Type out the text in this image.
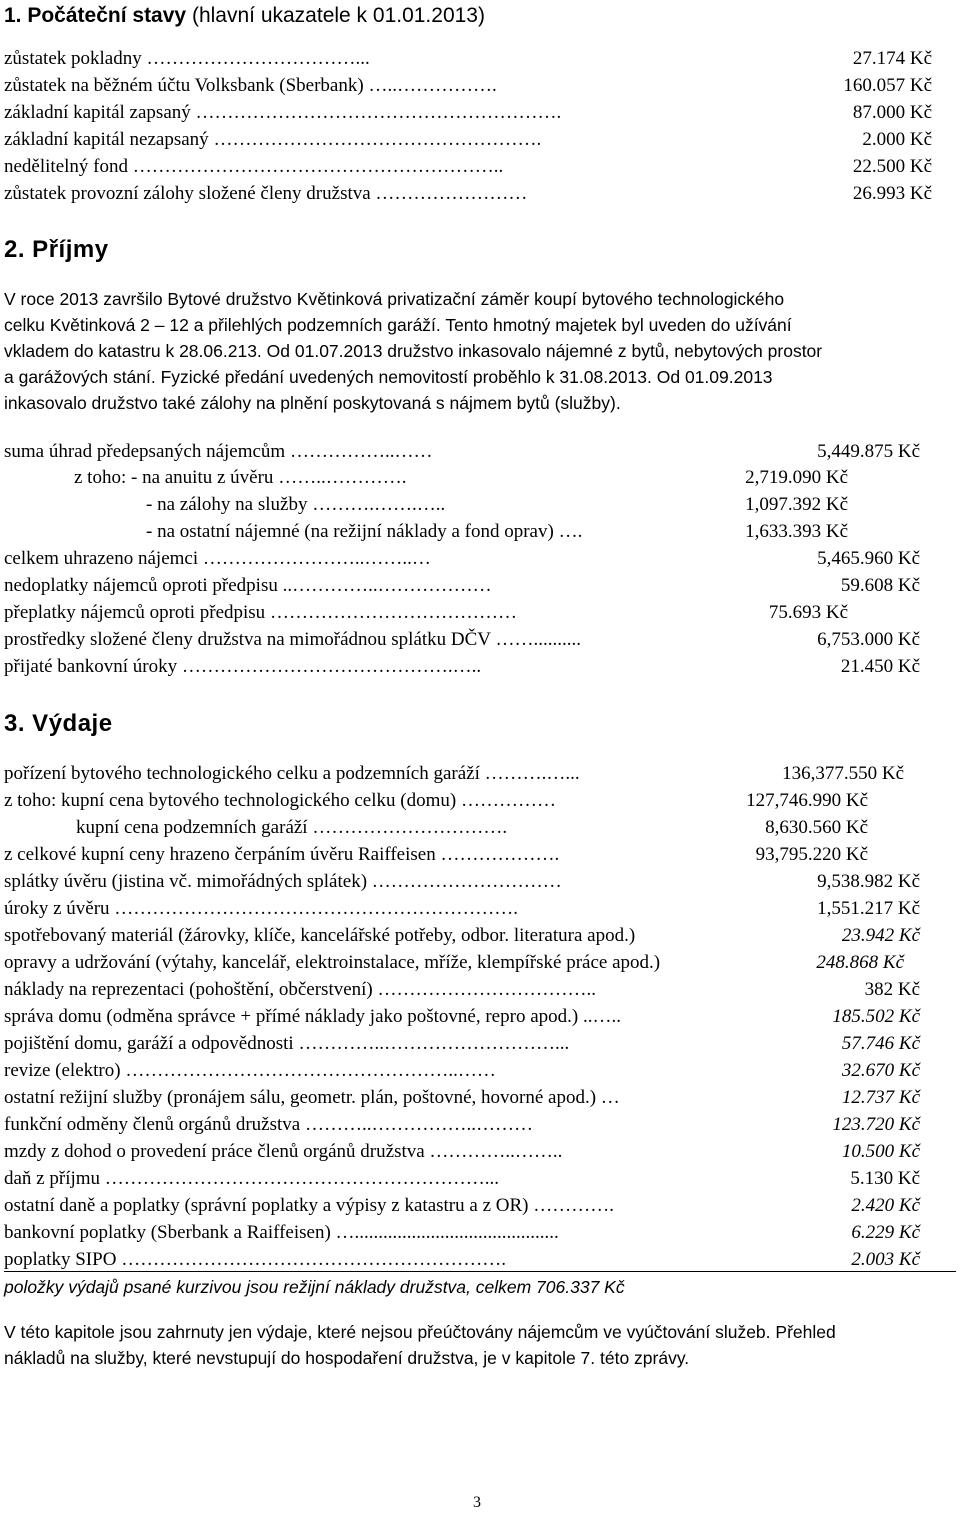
1. Počáteční stavy (hlavní ukazatele k 01.01.2013)
zůstatek pokladny ……………………………...	27.174 Kč
zůstatek na běžném účtu Volksbank (Sberbank) …..…………….	160.057 Kč
základní kapitál zapsaný ………………………………………………….	87.000 Kč
základní kapitál nezapsaný …………………………………………….	2.000 Kč
nedělitelný fond …………………………………………………..	22.500 Kč
zůstatek provozní zálohy složené členy družstva ……………………	26.993 Kč
2. Příjmy
V roce 2013 završilo Bytové družstvo Květinková privatizační záměr koupí bytového technologického
celku Květinková 2 – 12 a přilehlých podzemních garáží. Tento hmotný majetek byl uveden do užívání
vkladem do katastru k 28.06.213. Od 01.07.2013 družstvo inkasovalo nájemné z bytů, nebytových prostor
a garážových stání. Fyzické předání uvedených nemovitostí proběhlo k 31.08.2013. Od 01.09.2013
inkasovalo družstvo také zálohy na plnění poskytovaná s nájmem bytů (služby).
suma úhrad předepsaných nájemcům ……………..……	5,449.875 Kč
z toho: - na anuitu z úvěru ……..………….	2,719.090 Kč
- na zálohy na služby ……….…….…..	1,097.392 Kč
- na ostatní nájemné (na režijní náklady a fond oprav) ….	1,633.393 Kč
celkem uhrazeno nájemci ……………………..……..…	5,465.960 Kč
nedoplatky nájemců oproti předpisu ..…………..………………	59.608 Kč
přeplatky nájemců oproti předpisu …………………………………	75.693 Kč
prostředky složené členy družstva na mimořádnou splátku DČV ……..........	6,753.000 Kč
přijaté bankovní úroky …………………………………….…..	21.450 Kč
3. Výdaje
pořízení bytového technologického celku a podzemních garáží ……….…...	136,377.550 Kč
z toho: kupní cena bytového technologického celku (domu) ……………	127,746.990 Kč
kupní cena podzemních garáží ………………………….	8,630.560 Kč
z celkové kupní ceny hrazeno čerpáním úvěru Raiffeisen ……………….	93,795.220 Kč
splátky úvěru (jistina vč. mimořádných splátek) …………………………	9,538.982 Kč
úroky z úvěru ……………………………………………………….	1,551.217 Kč
spotřebovaný materiál (žárovky, klíče, kancelářské potřeby, odbor. literatura apod.)	23.942 Kč
opravy a udržování (výtahy, kancelář, elektroinstalace, mříže, klempířské práce apod.)	248.868 Kč
náklady na reprezentaci (pohoštění, občerstvení) ……………………………..	382 Kč
správa domu (odměna správce + přímé náklady jako poštovné, repro apod.) ..…..	185.502 Kč
pojištění domu, garáží a odpovědnosti …………..………………………...	57.746 Kč
revize (elektro) ……………………………………………..……	32.670 Kč
ostatní režijní služby (pronájem sálu, geometr. plán, poštovné, hovorné apod.) …	12.737 Kč
funkční odměny členů orgánů družstva ………..……………..………	123.720 Kč
mzdy z dohod o provedení práce členů orgánů družstva …………..……..	10.500 Kč
daň z příjmu ……………………………………………………...	5.130 Kč
ostatní daně a poplatky (správní poplatky a výpisy z katastru a z OR) ………….	2.420 Kč
bankovní poplatky (Sberbank a Raiffeisen) …...........................................	6.229 Kč
poplatky SIPO …………………………………………………….	2.003 Kč
položky výdajů psané kurzivou jsou režijní náklady družstva, celkem 706.337 Kč
V této kapitole jsou zahrnuty jen výdaje, které nejsou přeúčtovány nájemcům ve vyúčtování služeb. Přehled
nákladů na služby, které nevstupují do hospodaření družstva, je v kapitole 7. této zprávy.
3
